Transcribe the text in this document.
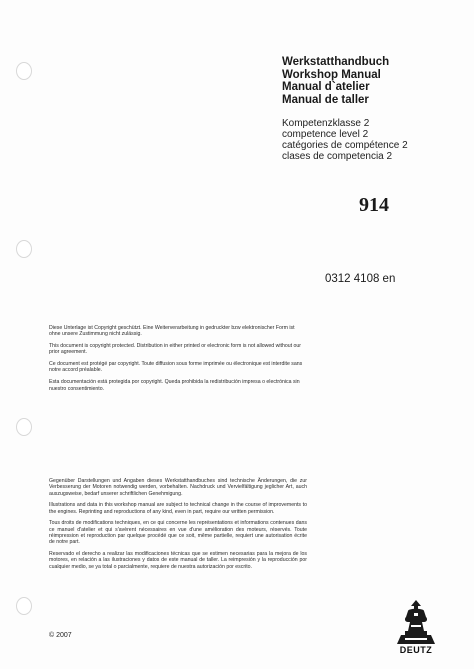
Werkstatthandbuch
Workshop Manual
Manual d`atelier
Manual de taller
Kompetenzklasse 2
competence level 2
catégories de compétence 2
clases de competencia 2
914
0312 4108 en

Diese Unterlage ist Copyright geschützt. Eine Weiterverarbeitung in gedruckter bzw elektronischer Form ist ohne unsere Zustimmung nicht zulässig.

This document is copyright protected. Distribution in either printed or electronic form is not allowed without our prior agreement.

Ce document est protégé par copyright. Toute diffusion sous forme imprimée ou électronique est interdite sans notre accord préalable.

Esta documentación está protegida por copyright. Queda prohibida la redistribución impresa o electrónica sin nuestro consentimiento.

Gegenüber Darstellungen und Angaben dieses Werkstatthandbuches sind technische Änderungen, die zur Verbesserung der Motoren notwendig werden, vorbehalten. Nachdruck und Vervielfältigung jeglicher Art, auch auszugsweise, bedarf unserer schriftlichen Genehmigung.

Illustrations and data in this workshop manual are subject to technical change in the course of improvements to the engines. Reprinting and reproductions of any kind, even in part, require our written permission.

Tous droits de modifications techniques, en ce qui concerne les représentations et informations contenues dans ce manuel d'atelier et qui s'avèrent nécessaires en vue d'une amélioration des moteurs, réservés. Toute réimpression et reproduction par quelque procédé que ce soit, même partielle, requiert une autorisation écrite de notre part.

Reservado el derecho a realizar las modificaciones técnicas que se estimen necesarias para la mejora de los motores, en relación a las ilustraciones y datos de este manual de taller. La reimpresión y la reproducción por cualquier medio, se ya total o parcialmente, requiere de nuestra autorización por escrito.

© 2007
DEUTZ
